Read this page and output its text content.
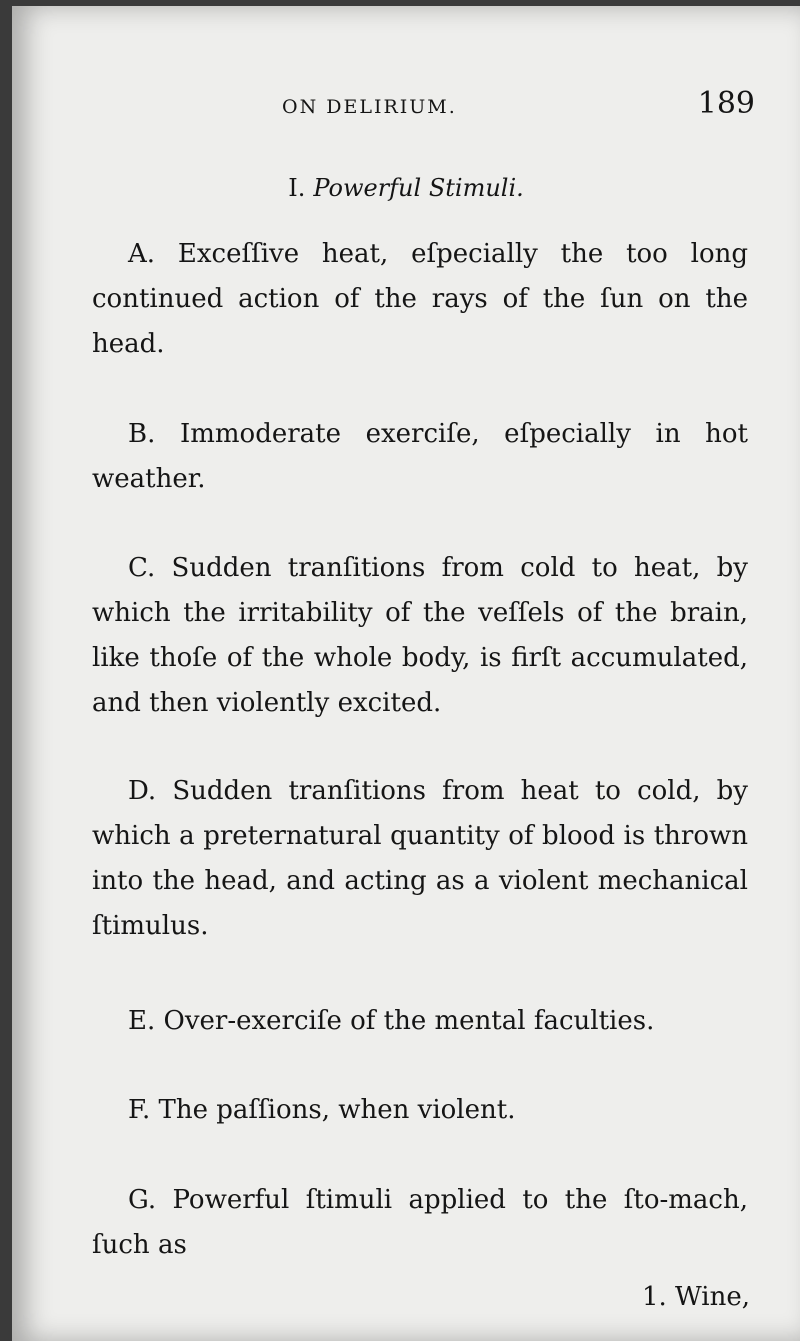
ON DELIRIUM.	189
I. Powerful Stimuli.

A. Exceſſive heat, eſpecially the too long continued action of the rays of the ſun on the head.

B. Immoderate exerciſe, eſpecially in hot weather.

C. Sudden tranſitions from cold to heat, by which the irritability of the veſſels of the brain, like thoſe of the whole body, is firſt accumulated, and then violently excited.

D. Sudden tranſitions from heat to cold, by which a preternatural quantity of blood is thrown into the head, and acting as a violent mechanical ſtimulus.

E. Over-exerciſe of the mental faculties.

F. The paſſions, when violent.

G. Powerful ſtimuli applied to the ſto-mach, ſuch as

1. Wine,
